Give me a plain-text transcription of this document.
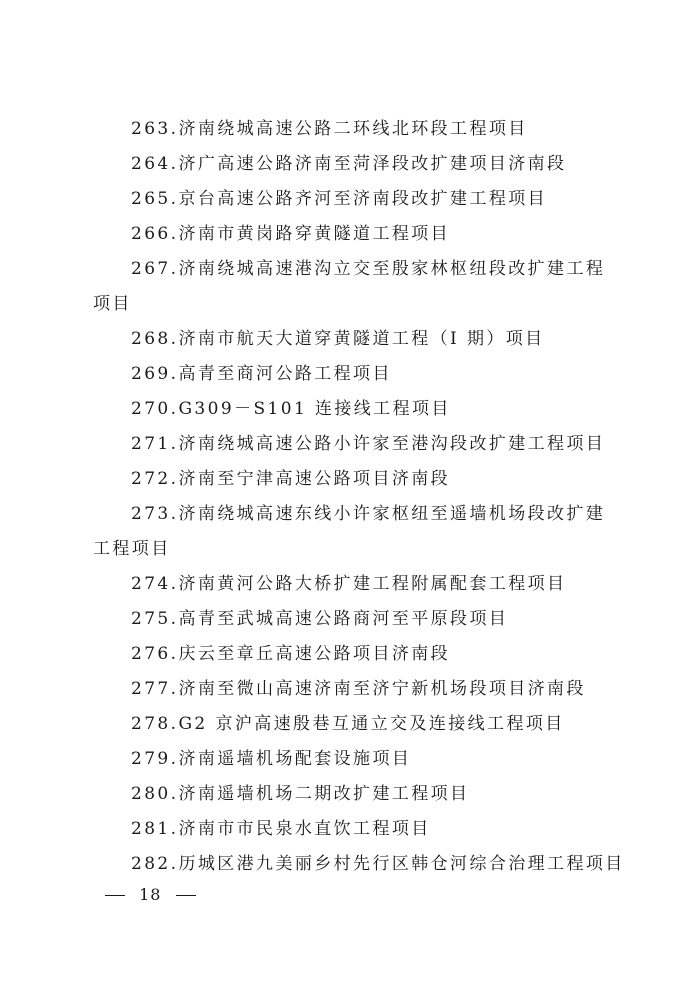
263.济南绕城高速公路二环线北环段工程项目
264.济广高速公路济南至菏泽段改扩建项目济南段
265.京台高速公路齐河至济南段改扩建工程项目
266.济南市黄岗路穿黄隧道工程项目
267.济南绕城高速港沟立交至殷家林枢纽段改扩建工程
项目
268.济南市航天大道穿黄隧道工程（I 期）项目
269.高青至商河公路工程项目
270.G309－S101 连接线工程项目
271.济南绕城高速公路小许家至港沟段改扩建工程项目
272.济南至宁津高速公路项目济南段
273.济南绕城高速东线小许家枢纽至遥墙机场段改扩建
工程项目
274.济南黄河公路大桥扩建工程附属配套工程项目
275.高青至武城高速公路商河至平原段项目
276.庆云至章丘高速公路项目济南段
277.济南至微山高速济南至济宁新机场段项目济南段
278.G2 京沪高速殷巷互通立交及连接线工程项目
279.济南遥墙机场配套设施项目
280.济南遥墙机场二期改扩建工程项目
281.济南市市民泉水直饮工程项目
282.历城区港九美丽乡村先行区韩仓河综合治理工程项目
18
